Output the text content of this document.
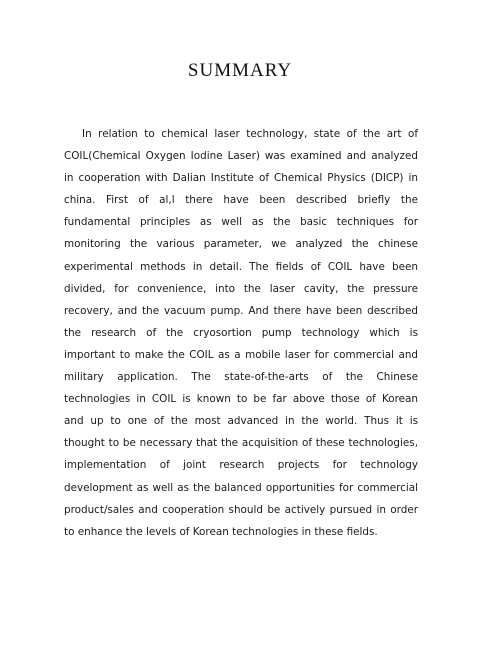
SUMMARY
In relation to chemical laser technology, state of the art of
COIL(Chemical Oxygen Iodine Laser) was examined and analyzed
in cooperation with Dalian Institute of Chemical Physics (DICP) in
china. First of al,l there have been described briefly the
fundamental principles as well as the basic techniques for
monitoring the various parameter, we analyzed the chinese
experimental methods in detail. The fields of COIL have been
divided, for convenience, into the laser cavity, the pressure
recovery, and the vacuum pump. And there have been described
the research of the cryosortion pump technology which is
important to make the COIL as a mobile laser for commercial and
military application. The state-of-the-arts of the Chinese
technologies in COIL is known to be far above those of Korean
and up to one of the most advanced in the world. Thus it is
thought to be necessary that the acquisition of these technologies,
implementation of joint research projects for technology
development as well as the balanced opportunities for commercial
product/sales and cooperation should be actively pursued in order
to enhance the levels of Korean technologies in these fields.
